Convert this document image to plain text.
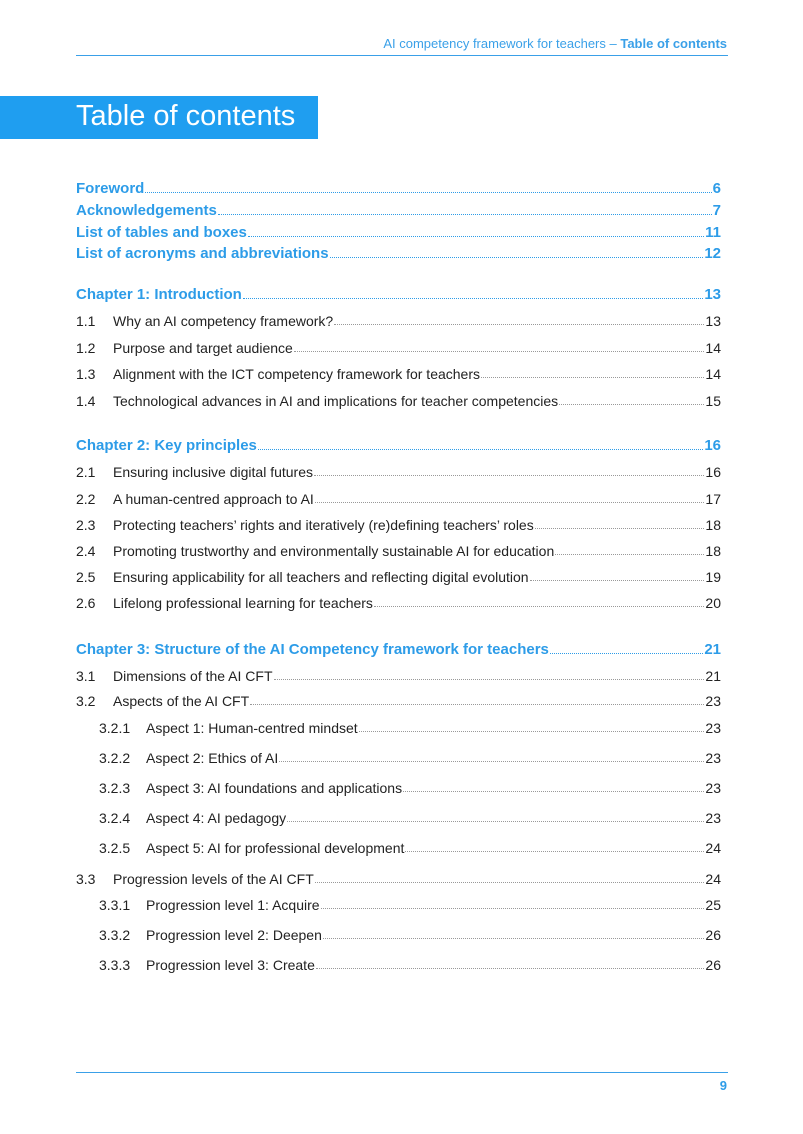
AI competency framework for teachers – Table of contents
Table of contents
Foreword	6
Acknowledgements	7
List of tables and boxes	11
List of acronyms and abbreviations	12
Chapter 1: Introduction	13
1.1	Why an AI competency framework?	13
1.2	Purpose and target audience	14
1.3	Alignment with the ICT competency framework for teachers	14
1.4	Technological advances in AI and implications for teacher competencies	15
Chapter 2: Key principles	16
2.1	Ensuring inclusive digital futures	16
2.2	A human-centred approach to AI	17
2.3	Protecting teachers’ rights and iteratively (re)defining teachers’ roles	18
2.4	Promoting trustworthy and environmentally sustainable AI for education	18
2.5	Ensuring applicability for all teachers and reflecting digital evolution	19
2.6	Lifelong professional learning for teachers	20
Chapter 3: Structure of the AI Competency framework for teachers	21
3.1	Dimensions of the AI CFT	21
3.2	Aspects of the AI CFT	23
3.2.1	Aspect 1: Human-centred mindset	23
3.2.2	Aspect 2: Ethics of AI	23
3.2.3	Aspect 3: AI foundations and applications	23
3.2.4	Aspect 4: AI pedagogy	23
3.2.5	Aspect 5: AI for professional development	24
3.3	Progression levels of the AI CFT	24
3.3.1	Progression level 1: Acquire	25
3.3.2	Progression level 2: Deepen	26
3.3.3	Progression level 3: Create	26
9
